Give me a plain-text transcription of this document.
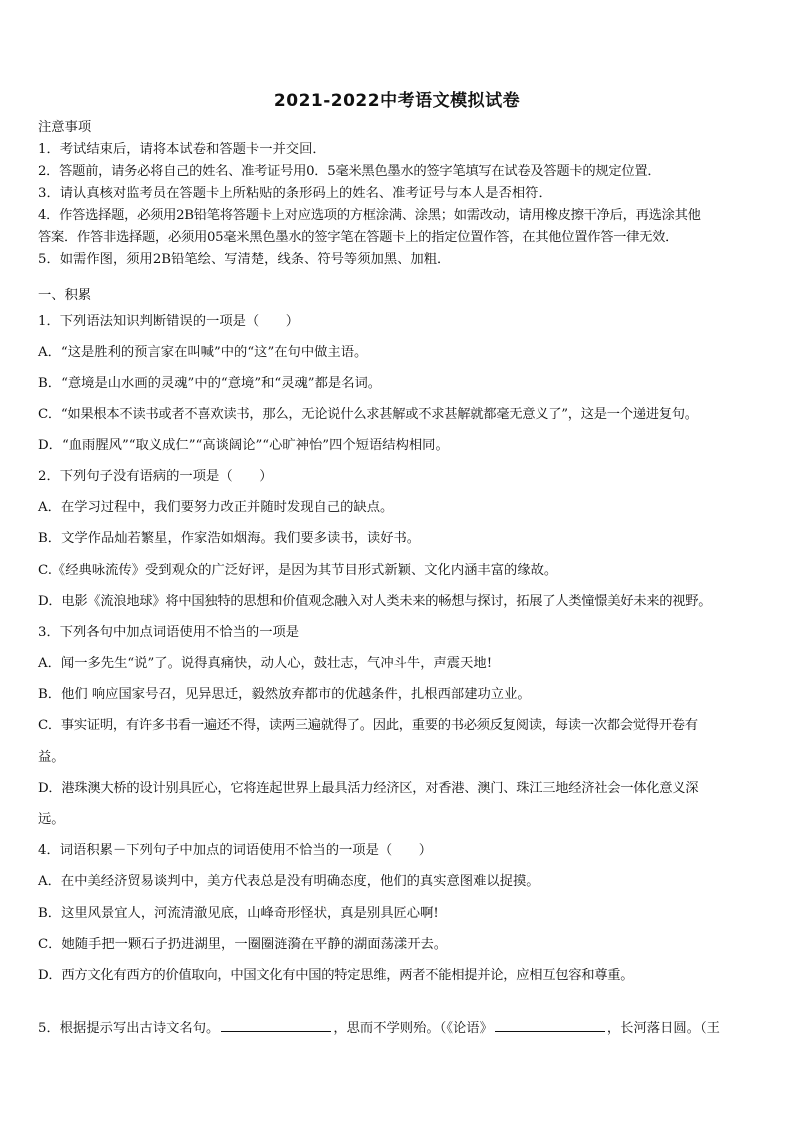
2021-2022中考语文模拟试卷
注意事项
1．考试结束后，请将本试卷和答题卡一并交回．
2．答题前，请务必将自己的姓名、准考证号用0．5毫米黑色墨水的签字笔填写在试卷及答题卡的规定位置．
3．请认真核对监考员在答题卡上所粘贴的条形码上的姓名、准考证号与本人是否相符．
4．作答选择题，必须用2B铅笔将答题卡上对应选项的方框涂满、涂黑；如需改动，请用橡皮擦干净后，再选涂其他
答案．作答非选择题，必须用05毫米黑色墨水的签字笔在答题卡上的指定位置作答，在其他位置作答一律无效．
5．如需作图，须用2B铅笔绘、写清楚，线条、符号等须加黑、加粗．
一、积累
1．下列语法知识判断错误的一项是（　　）
A．“这是胜利的预言家在叫喊”中的“这”在句中做主语。
B．“意境是山水画的灵魂”中的“意境”和“灵魂”都是名词。
C．“如果根本不读书或者不喜欢读书，那么，无论说什么求甚解或不求甚解就都毫无意义了”，这是一个递进复句。
D．“血雨腥风”“取义成仁”“高谈阔论”“心旷神怡”四个短语结构相同。
2．下列句子没有语病的一项是（　　）
A．在学习过程中，我们要努力改正并随时发现自己的缺点。
B．文学作品灿若繁星，作家浩如烟海。我们要多读书，读好书。
C.《经典咏流传》受到观众的广泛好评，是因为其节目形式新颖、文化内涵丰富的缘故。
D．电影《流浪地球》将中国独特的思想和价值观念融入对人类未来的畅想与探讨，拓展了人类憧憬美好未来的视野。
3．下列各句中加点词语使用不恰当的一项是
A．闻一多先生“说”了。说得真痛快，动人心，鼓壮志，气冲斗牛，声震天地!
B．他们 响应国家号召，见异思迁，毅然放弃都市的优越条件，扎根西部建功立业。
C．事实证明，有许多书看一遍还不得，读两三遍就得了。因此，重要的书必须反复阅读，每读一次都会觉得开卷有
益。
D．港珠澳大桥的设计别具匠心，它将连起世界上最具活力经济区，对香港、澳门、珠江三地经济社会一体化意义深
远。
4．词语积累－下列句子中加点的词语使用不恰当的一项是（　　）
A．在中美经济贸易谈判中，美方代表总是没有明确态度，他们的真实意图难以捉摸。
B．这里风景宜人，河流清澈见底，山峰奇形怪状，真是别具匠心啊!
C．她随手把一颗石子扔进湖里，一圈圈涟漪在平静的湖面荡漾开去。
D．西方文化有西方的价值取向，中国文化有中国的特定思维，两者不能相提并论，应相互包容和尊重。
5．根据提示写出古诗文名句。	，思而不学则殆。（《论语》	，长河落日圆。（王
